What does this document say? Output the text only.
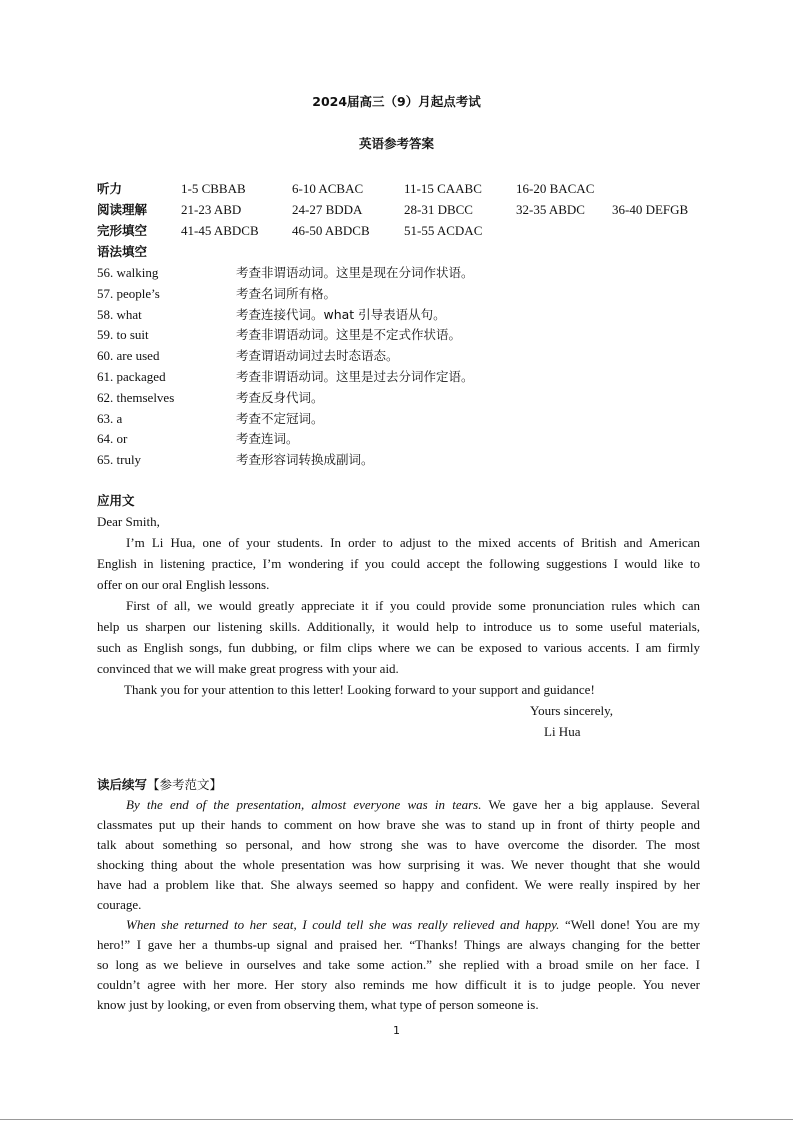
2024届高三（9）月起点考试
英语参考答案
听力	1-5 CBBAB	6-10 ACBAC	11-15 CAABC	16-20 BACAC
阅读理解	21-23 ABD	24-27 BDDA	28-31 DBCC	32-35 ABDC 36-40 DEFGB
完形填空	41-45 ABDCB	46-50 ABDCB	51-55 ACDAC
语法填空
56. walking	考查非谓语动词。这里是现在分词作状语。
57. people’s	考查名词所有格。
58. what	考查连接代词。what 引导表语从句。
59. to suit	考查非谓语动词。这里是不定式作状语。
60. are used	考查谓语动词过去时态语态。
61. packaged	考查非谓语动词。这里是过去分词作定语。
62. themselves	考查反身代词。
63. a	考查不定冠词。
64. or	考查连词。
65. truly	考查形容词转换成副词。
应用文
Dear Smith,
I’m Li Hua, one of your students. In order to adjust to the mixed accents of British and American
English in listening practice, I’m wondering if you could accept the following suggestions I would like to
offer on our oral English lessons.
First of all, we would greatly appreciate it if you could provide some pronunciation rules which can
help us sharpen our listening skills. Additionally, it would help to introduce us to some useful materials,
such as English songs, fun dubbing, or film clips where we can be exposed to various accents. I am firmly
convinced that we will make great progress with your aid.
Thank you for your attention to this letter! Looking forward to your support and guidance!
Yours sincerely,
Li Hua
读后续写【参考范文】
By the end of the presentation, almost everyone was in tears. We gave her a big applause. Several
classmates put up their hands to comment on how brave she was to stand up in front of thirty people and
talk about something so personal, and how strong she was to have overcome the disorder. The most
shocking thing about the whole presentation was how surprising it was. We never thought that she would
have had a problem like that. She always seemed so happy and confident. We were really inspired by her
courage.
When she returned to her seat, I could tell she was really relieved and happy. “Well done! You are my
hero!” I gave her a thumbs-up signal and praised her. “Thanks! Things are always changing for the better
so long as we believe in ourselves and take some action.” she replied with a broad smile on her face. I
couldn’t agree with her more. Her story also reminds me how difficult it is to judge people. You never
know just by looking, or even from observing them, what type of person someone is.
1
